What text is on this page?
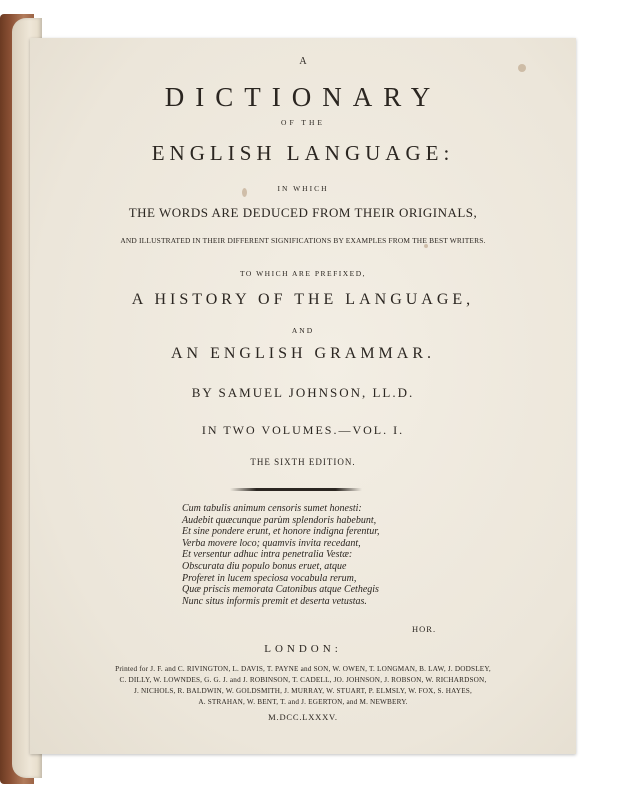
A
DICTIONARY
OF THE
ENGLISH LANGUAGE:
IN WHICH
THE WORDS ARE DEDUCED FROM THEIR ORIGINALS,
AND ILLUSTRATED IN THEIR DIFFERENT SIGNIFICATIONS BY EXAMPLES FROM THE BEST WRITERS.
TO WHICH ARE PREFIXED,
A HISTORY OF THE LANGUAGE,
AND
AN ENGLISH GRAMMAR.
BY SAMUEL JOHNSON, LL.D.
IN TWO VOLUMES.—VOL. I.
THE SIXTH EDITION.
Cum tabulis animum censoris sumet honesti:
Audebit quæcunque parùm splendoris habebunt,
Et sine pondere erunt, et honore indigna ferentur,
Verba movere loco; quamvis invita recedant,
Et versentur adhuc intra penetralia Vestæ:
Obscurata diu populo bonus eruet, atque
Proferet in lucem speciosa vocabula rerum,
Quæ priscis memorata Catonibus atque Cethegis
Nunc situs informis premit et deserta vetustas.
HOR.
LONDON:
Printed for J. F. and C. RIVINGTON, L. DAVIS, T. PAYNE and SON, W. OWEN, T. LONGMAN, B. LAW, J. DODSLEY,
C. DILLY, W. LOWNDES, G. G. J. and J. ROBINSON, T. CADELL, JO. JOHNSON, J. ROBSON, W. RICHARDSON,
J. NICHOLS, R. BALDWIN, W. GOLDSMITH, J. MURRAY, W. STUART, P. ELMSLY, W. FOX, S. HAYES,
A. STRAHAN, W. BENT, T. and J. EGERTON, and M. NEWBERY.
M.DCC.LXXXV.
